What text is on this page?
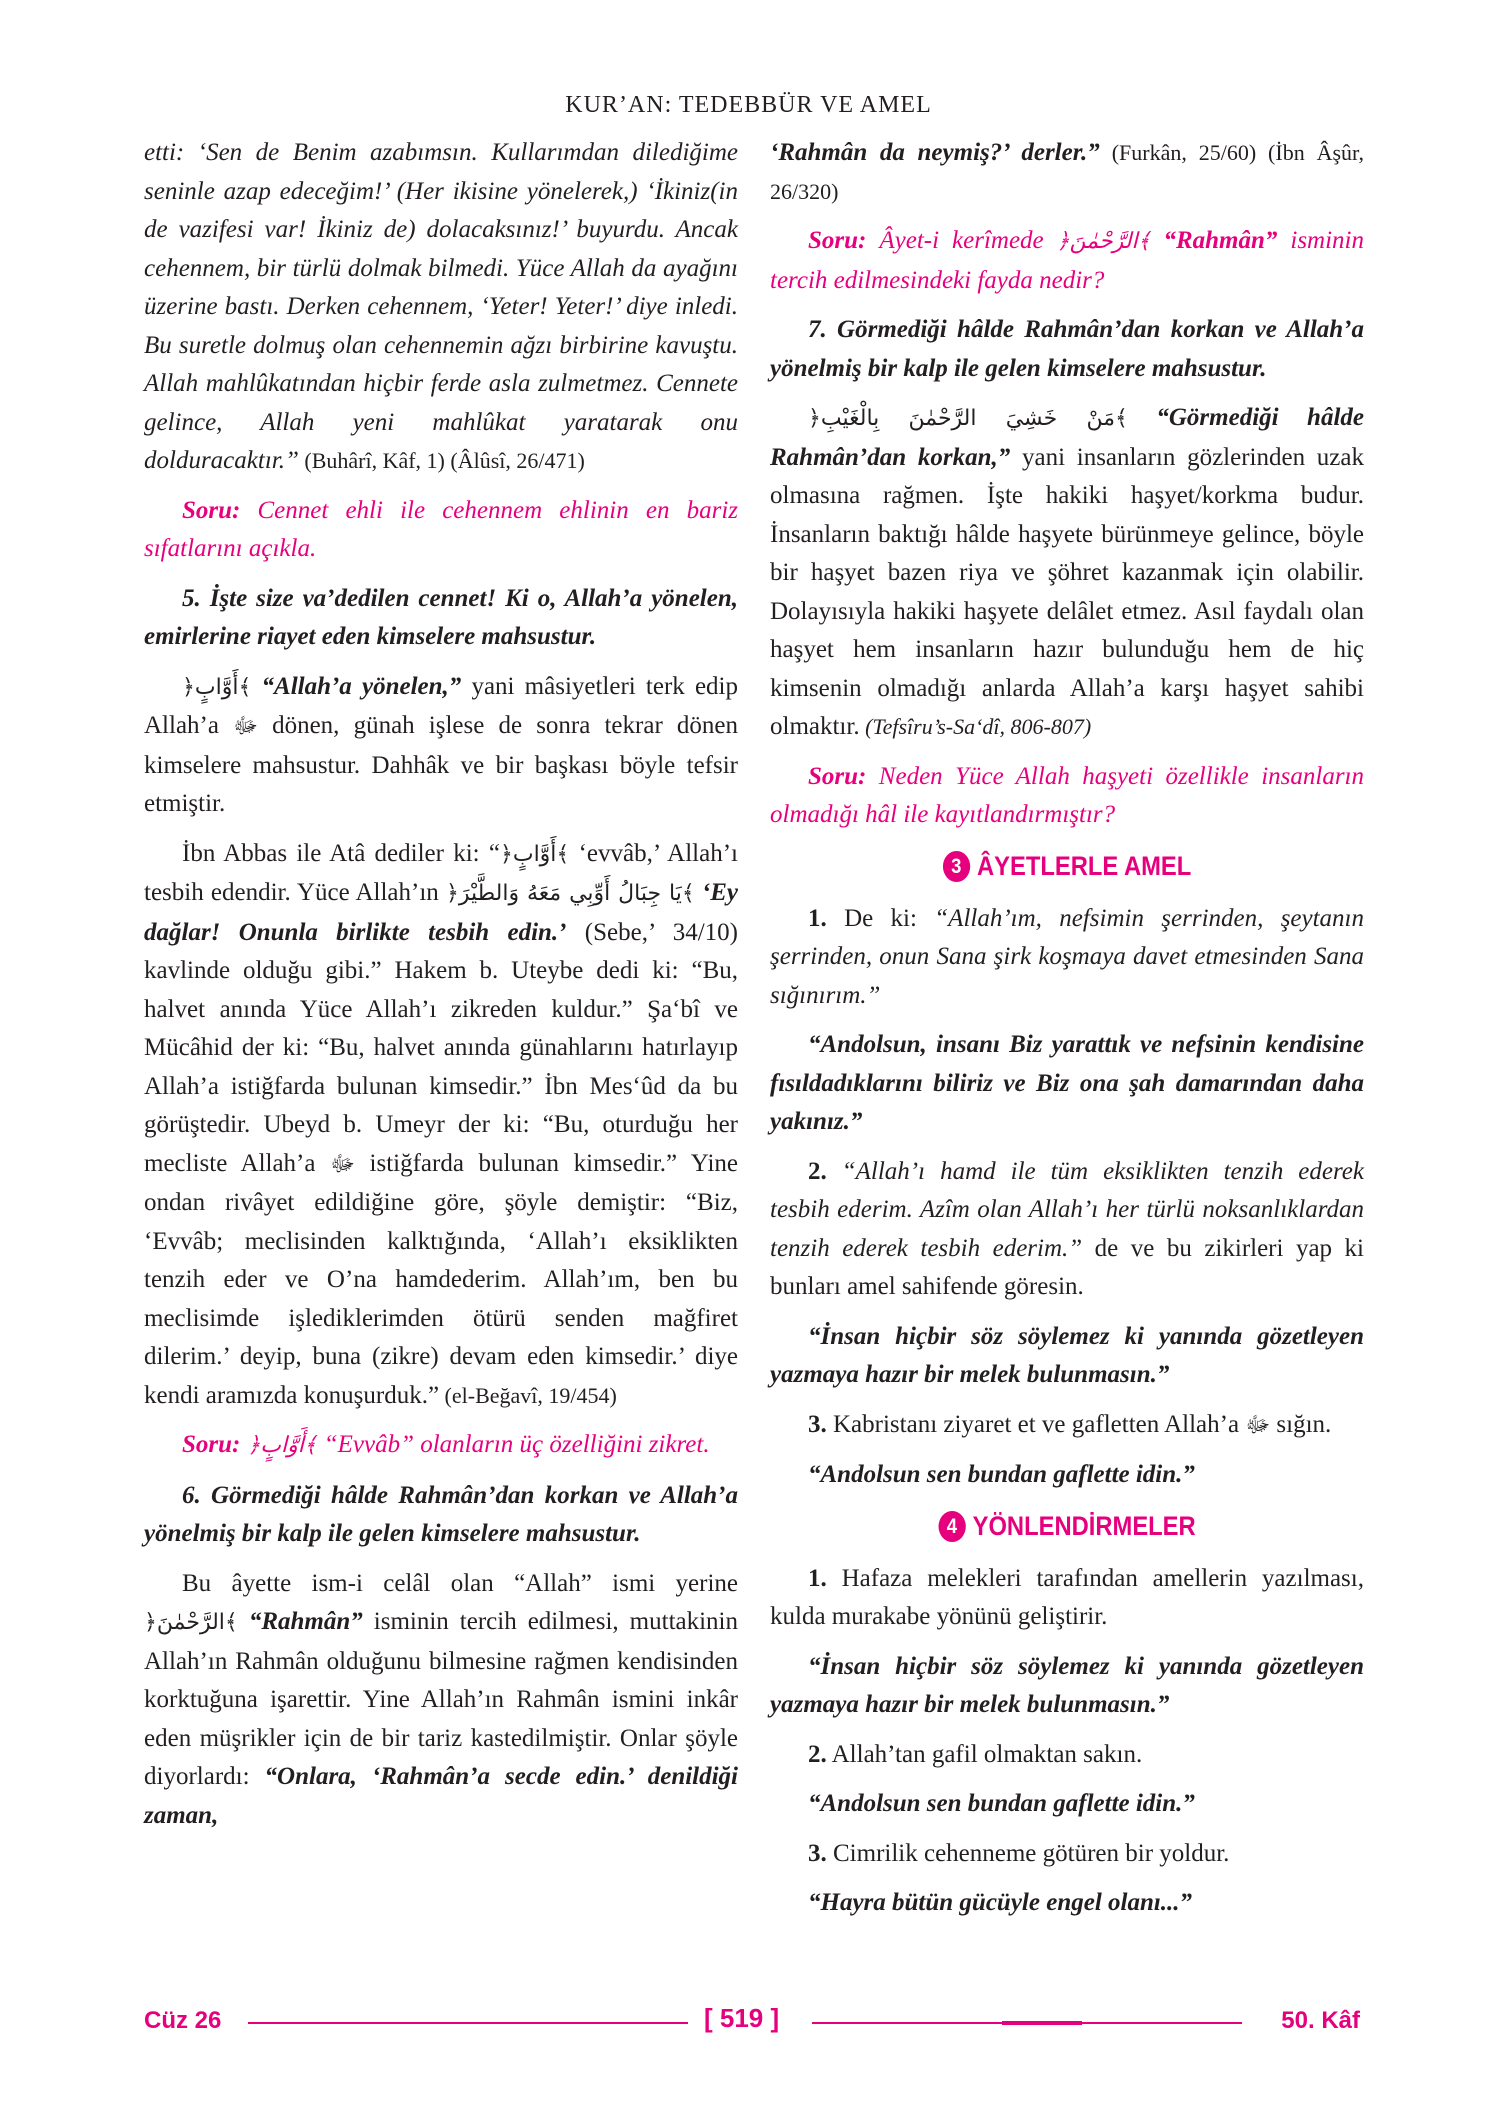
KUR’AN: TEDEBBÜR VE AMEL

etti: ‘Sen de Benim azabımsın. Kullarımdan dilediğime seninle azap edeceğim!’ (Her ikisine yönelerek,) ‘İkiniz(in de vazifesi var! İkiniz de) dolacaksınız!’ buyurdu. Ancak cehennem, bir türlü dolmak bilmedi. Yüce Allah da ayağını üzerine bastı. Derken cehennem, ‘Yeter! Yeter!’ diye inledi. Bu suretle dolmuş olan cehennemin ağzı birbirine kavuştu. Allah mahlûkatından hiçbir ferde asla zulmetmez. Cennete gelince, Allah yeni mahlûkat yaratarak onu dolduracaktır.” (Buhârî, Kâf, 1) (Âlûsî, 26/471)

Soru: Cennet ehli ile cehennem ehlinin en bariz sıfatlarını açıkla.

5. İşte size va’dedilen cennet! Ki o, Allah’a yönelen, emirlerine riayet eden kimselere mahsustur.

﴿أَوَّابٍ﴾ “Allah’a yönelen,” yani mâsiyetleri terk edip Allah’a ﷻ dönen, günah işlese de sonra tekrar dönen kimselere mahsustur. Dahhâk ve bir başkası böyle tefsir etmiştir.

İbn Abbas ile Atâ dediler ki: “﴿أَوَّابٍ﴾ ‘evvâb,’ Allah’ı tesbih edendir. Yüce Allah’ın ﴿يَا جِبَالُ أَوِّبِي مَعَهُ وَالطَّيْرَ﴾ ‘Ey dağlar! Onunla birlikte tesbih edin.’ (Sebe,’ 34/10) kavlinde olduğu gibi.” Hakem b. Uteybe dedi ki: “Bu, halvet anında Yüce Allah’ı zikreden kuldur.” Şa‘bî ve Mücâhid der ki: “Bu, halvet anında günahlarını hatırlayıp Allah’a istiğfarda bulunan kimsedir.” İbn Mes‘ûd da bu görüştedir. Ubeyd b. Umeyr der ki: “Bu, oturduğu her mecliste Allah’a ﷻ istiğfarda bulunan kimsedir.” Yine ondan rivâyet edildiğine göre, şöyle demiştir: “Biz, ‘Evvâb; meclisinden kalktığında, ‘Allah’ı eksiklikten tenzih eder ve O’na hamdederim. Allah’ım, ben bu meclisimde işlediklerimden ötürü senden mağfiret dilerim.’ deyip, buna (zikre) devam eden kimsedir.’ diye kendi aramızda konuşurduk.” (el-Beğavî, 19/454)

Soru: ﴿أَوَّابٍ﴾ “Evvâb” olanların üç özelliğini zikret.

6. Görmediği hâlde Rahmân’dan korkan ve Allah’a yönelmiş bir kalp ile gelen kimselere mahsustur.

Bu âyette ism-i celâl olan “Allah” ismi yerine ﴿الرَّحْمٰنَ﴾ “Rahmân” isminin tercih edilmesi, muttakinin Allah’ın Rahmân olduğunu bilmesine rağmen kendisinden korktuğuna işarettir. Yine Allah’ın Rahmân ismini inkâr eden müşrikler için de bir tariz kastedilmiştir. Onlar şöyle diyorlardı: “Onlara, ‘Rahmân’a secde edin.’ denildiği zaman,

‘Rahmân da neymiş?’ derler.” (Furkân, 25/60) (İbn Âşûr, 26/320)

Soru: Âyet-i kerîmede ﴿الرَّحْمٰنَ﴾ “Rahmân” isminin tercih edilmesindeki fayda nedir?

7. Görmediği hâlde Rahmân’dan korkan ve Allah’a yönelmiş bir kalp ile gelen kimselere mahsustur.

﴿مَنْ خَشِيَ الرَّحْمٰنَ بِالْغَيْبِ﴾ “Görmediği hâlde Rahmân’dan korkan,” yani insanların gözlerinden uzak olmasına rağmen. İşte hakiki haşyet/korkma budur. İnsanların baktığı hâlde haşyete bürünmeye gelince, böyle bir haşyet bazen riya ve şöhret kazanmak için olabilir. Dolayısıyla hakiki haşyete delâlet etmez. Asıl faydalı olan haşyet hem insanların hazır bulunduğu hem de hiç kimsenin olmadığı anlarda Allah’a karşı haşyet sahibi olmaktır. (Tefsîru’s-Sa‘dî, 806-807)

Soru: Neden Yüce Allah haşyeti özellikle insanların olmadığı hâl ile kayıtlandırmıştır?

3 ÂYETLERLE AMEL

1. De ki: “Allah’ım, nefsimin şerrinden, şeytanın şerrinden, onun Sana şirk koşmaya davet etmesinden Sana sığınırım.”

“Andolsun, insanı Biz yarattık ve nefsinin kendisine fısıldadıklarını biliriz ve Biz ona şah damarından daha yakınız.”

2. “Allah’ı hamd ile tüm eksiklikten tenzih ederek tesbih ederim. Azîm olan Allah’ı her türlü noksanlıklardan tenzih ederek tesbih ederim.” de ve bu zikirleri yap ki bunları amel sahifende göresin.

“İnsan hiçbir söz söylemez ki yanında gözetleyen yazmaya hazır bir melek bulunmasın.”

3. Kabristanı ziyaret et ve gafletten Allah’a ﷻ sığın.

“Andolsun sen bundan gaflette idin.”

4 YÖNLENDİRMELER

1. Hafaza melekleri tarafından amellerin yazılması, kulda murakabe yönünü geliştirir.

“İnsan hiçbir söz söylemez ki yanında gözetleyen yazmaya hazır bir melek bulunmasın.”

2. Allah’tan gafil olmaktan sakın.

“Andolsun sen bundan gaflette idin.”

3. Cimrilik cehenneme götüren bir yoldur.

“Hayra bütün gücüyle engel olanı...”

Cüz 26	[ 519 ]	50. Kâf
